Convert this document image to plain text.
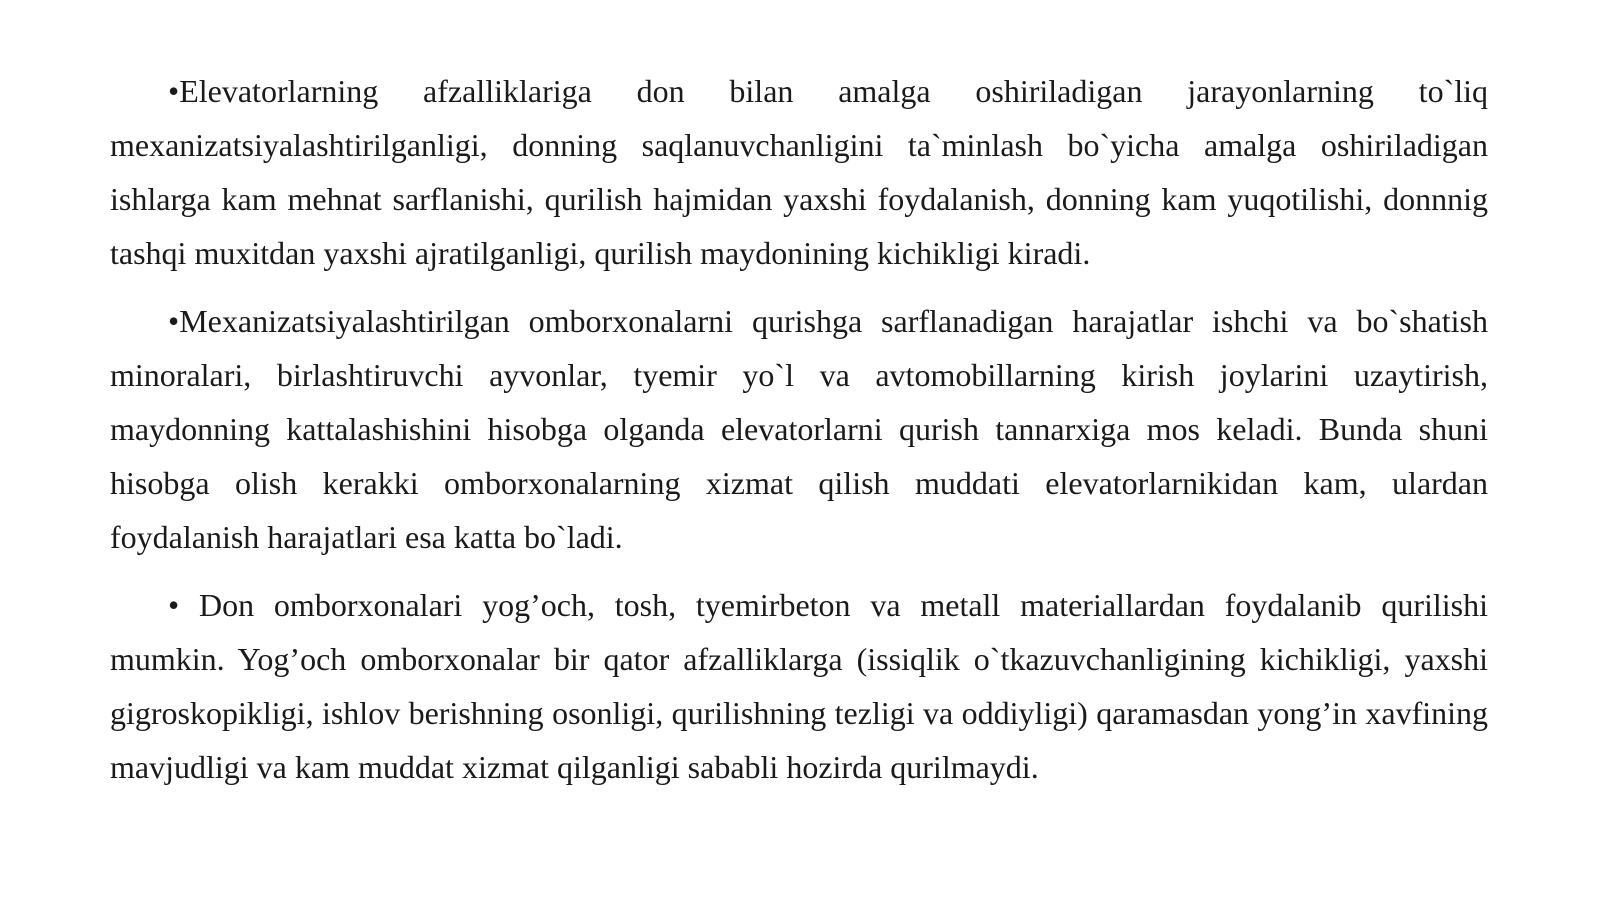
•Elevatorlarning afzalliklariga don bilan amalga oshiriladigan jarayonlarning to`liq mexanizatsiyalashtirilganligi, donning saqlanuvchanligini ta`minlash bo`yicha amalga oshiriladigan ishlarga kam mehnat sarflanishi, qurilish hajmidan yaxshi foydalanish, donning kam yuqotilishi, donnnig tashqi muxitdan yaxshi ajratilganligi, qurilish maydonining kichikligi kiradi.

•Mexanizatsiyalashtirilgan omborxonalarni qurishga sarflanadigan harajatlar ishchi va bo`shatish minoralari, birlashtiruvchi ayvonlar, tyemir yo`l va avtomobillarning kirish joylarini uzaytirish, maydonning kattalashishini hisobga olganda elevatorlarni qurish tannarxiga mos keladi. Bunda shuni hisobga olish kerakki omborxonalarning xizmat qilish muddati elevatorlarnikidan kam, ulardan foydalanish harajatlari esa katta bo`ladi.

• Don omborxonalari yog’och, tosh, tyemirbeton va metall materiallardan foydalanib qurilishi mumkin. Yog’och omborxonalar bir qator afzalliklarga (issiqlik o`tkazuvchanligining kichikligi, yaxshi gigroskopikligi, ishlov berishning osonligi, qurilishning tezligi va oddiyligi) qaramasdan yong’in xavfining mavjudligi va kam muddat xizmat qilganligi sababli hozirda qurilmaydi.
